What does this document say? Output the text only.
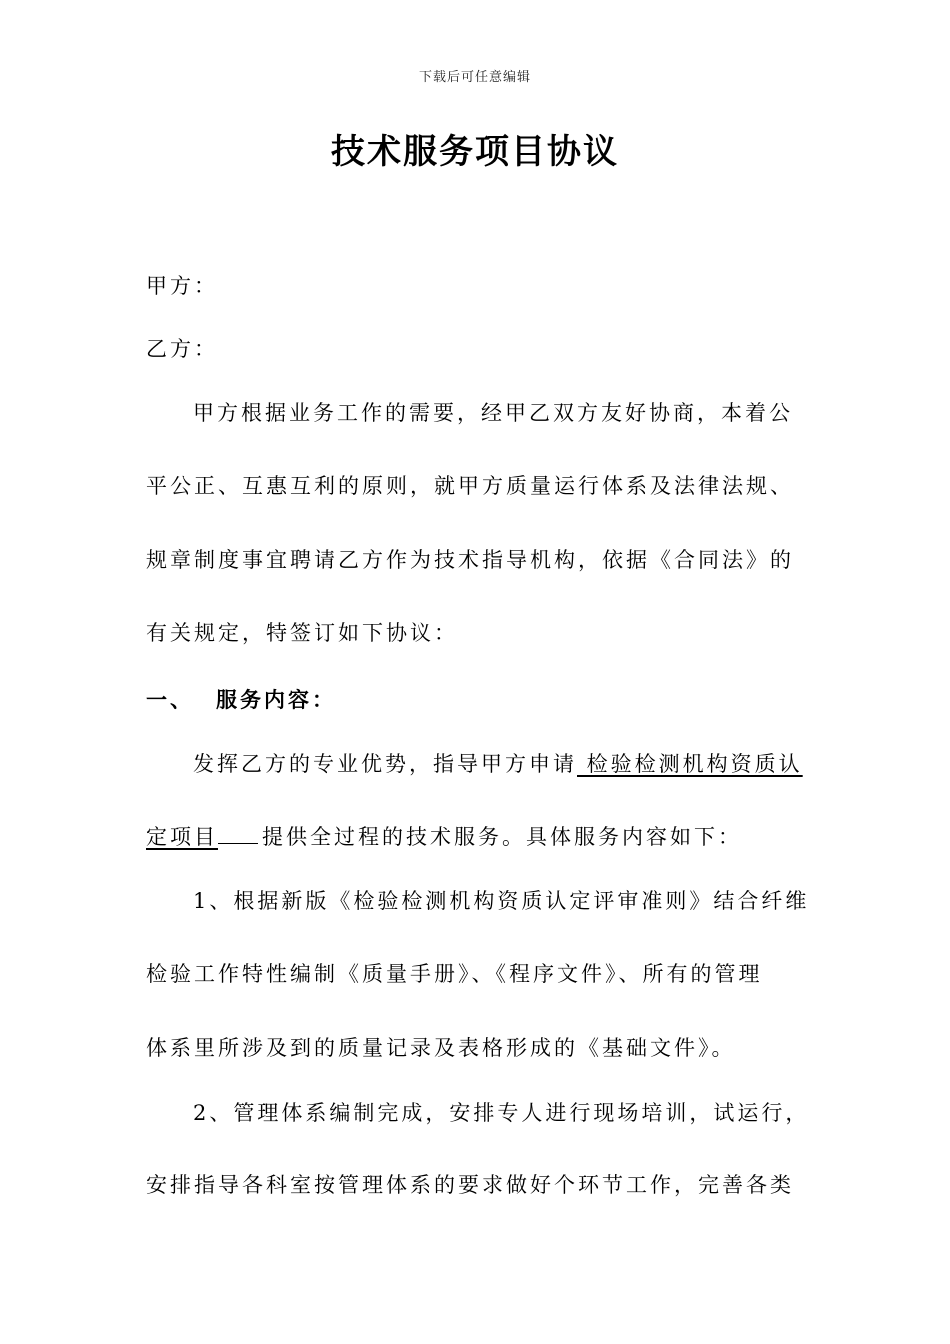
下载后可任意编辑
技术服务项目协议
甲方：
乙方：
甲方根据业务工作的需要，经甲乙双方友好协商，本着公
平公正、互惠互利的原则，就甲方质量运行体系及法律法规、
规章制度事宜聘请乙方作为技术指导机构，依据《合同法》的
有关规定，特签订如下协议：
一、 服务内容：
发挥乙方的专业优势，指导甲方申请 检验检测机构资质认
定项目 提供全过程的技术服务。具体服务内容如下：
1、根据新版《检验检测机构资质认定评审准则》结合纤维
检验工作特性编制《质量手册》、《程序文件》、所有的管理
体系里所涉及到的质量记录及表格形成的《基础文件》。
2、管理体系编制完成，安排专人进行现场培训，试运行，
安排指导各科室按管理体系的要求做好个环节工作，完善各类
